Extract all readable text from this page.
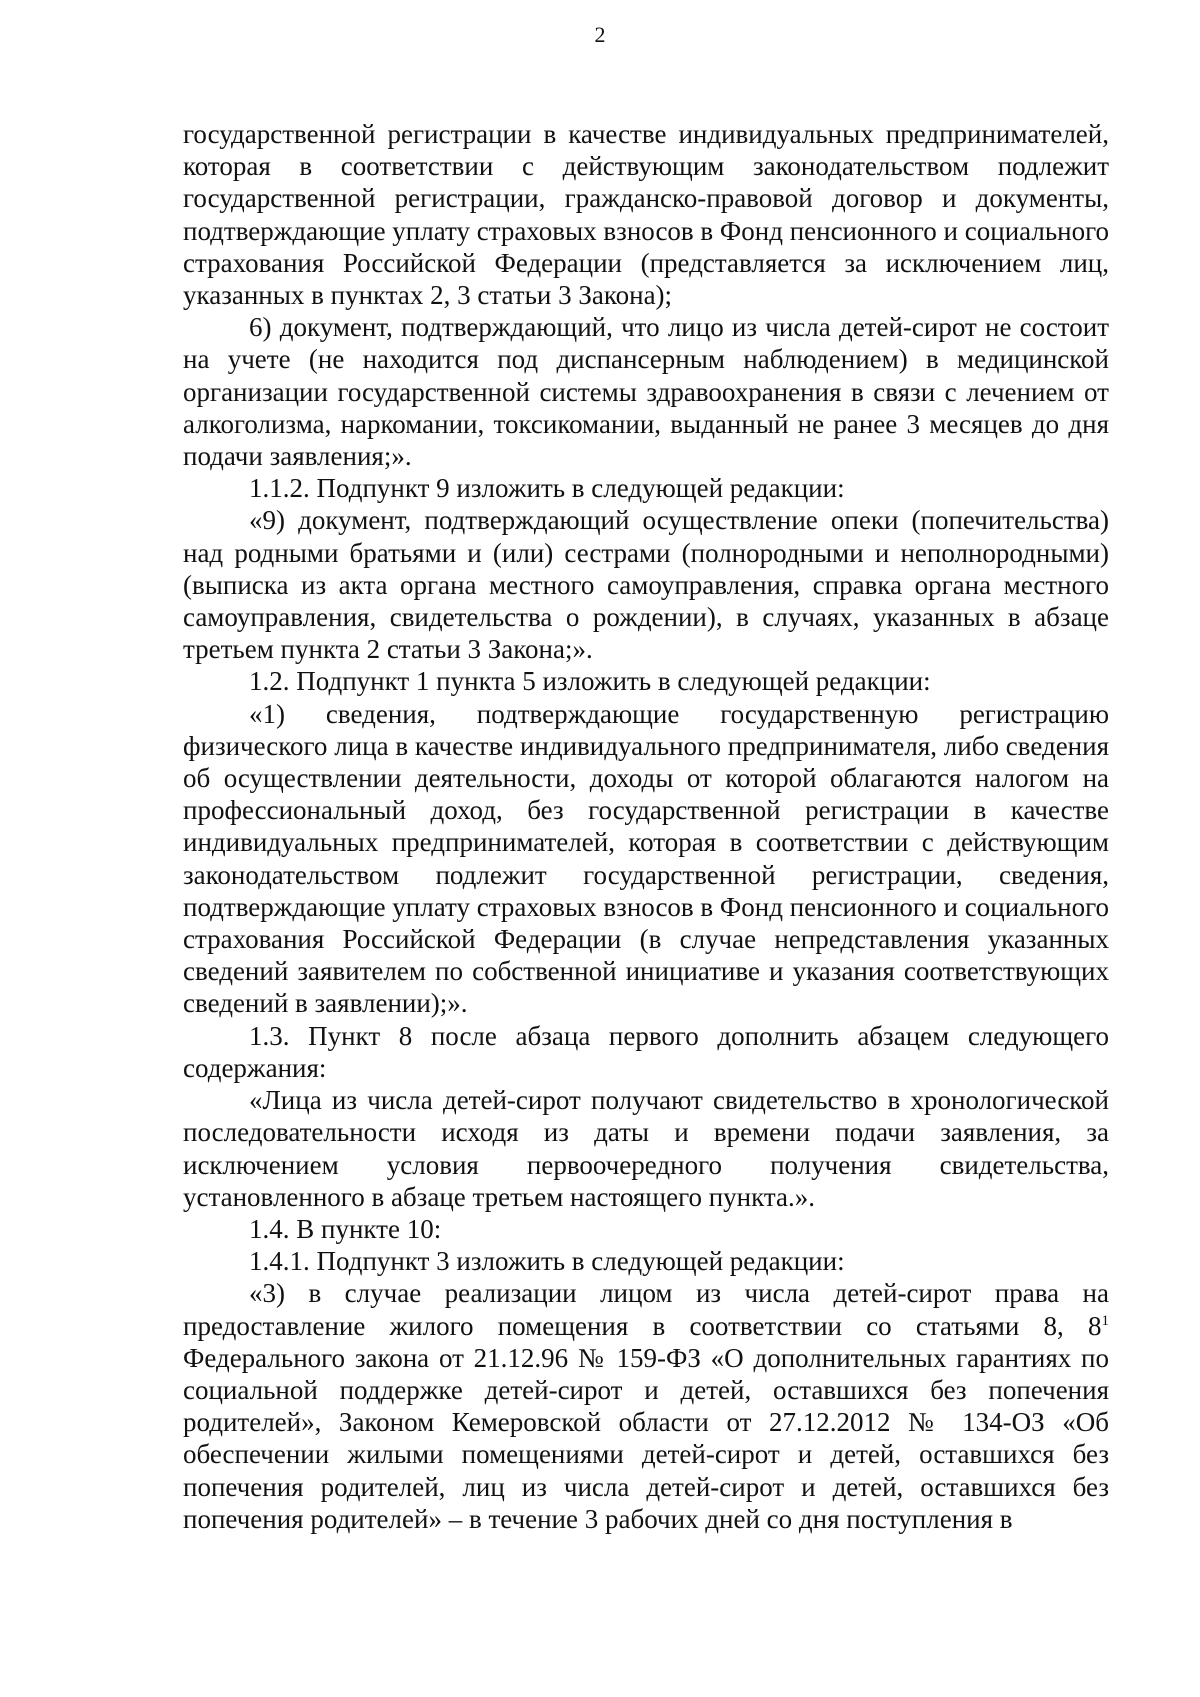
2

государственной регистрации в качестве индивидуальных предпринимателей, которая в соответствии с действующим законодательством подлежит государственной регистрации, гражданско-правовой договор и документы, подтверждающие уплату страховых взносов в Фонд пенсионного и социального страхования Российской Федерации (представляется за исключением лиц, указанных в пунктах 2, 3 статьи 3 Закона);

6) документ, подтверждающий, что лицо из числа детей-сирот не состоит на учете (не находится под диспансерным наблюдением) в медицинской организации государственной системы здравоохранения в связи с лечением от алкоголизма, наркомании, токсикомании, выданный не ранее 3 месяцев до дня подачи заявления;».

1.1.2. Подпункт 9 изложить в следующей редакции:

«9) документ, подтверждающий осуществление опеки (попечительства) над родными братьями и (или) сестрами (полнородными и неполнородными) (выписка из акта органа местного самоуправления, справка органа местного самоуправления, свидетельства о рождении), в случаях, указанных в абзаце третьем пункта 2 статьи 3 Закона;».

1.2. Подпункт 1 пункта 5 изложить в следующей редакции:

«1) сведения, подтверждающие государственную регистрацию физического лица в качестве индивидуального предпринимателя, либо сведения об осуществлении деятельности, доходы от которой облагаются налогом на профессиональный доход, без государственной регистрации в качестве индивидуальных предпринимателей, которая в соответствии с действующим законодательством подлежит государственной регистрации, сведения, подтверждающие уплату страховых взносов в Фонд пенсионного и социального страхования Российской Федерации (в случае непредставления указанных сведений заявителем по собственной инициативе и указания соответствующих сведений в заявлении);».

1.3. Пункт 8 после абзаца первого дополнить абзацем следующего содержания:

«Лица из числа детей-сирот получают свидетельство в хронологической последовательности исходя из даты и времени подачи заявления, за исключением условия первоочередного получения свидетельства, установленного в абзаце третьем настоящего пункта.».

1.4. В пункте 10:

1.4.1. Подпункт 3 изложить в следующей редакции:

«3) в случае реализации лицом из числа детей-сирот права на предоставление жилого помещения в соответствии со статьями 8, $8^1$ Федерального закона от 21.12.96 № 159-ФЗ «О дополнительных гарантиях по социальной поддержке детей-сирот и детей, оставшихся без попечения родителей», Законом Кемеровской области от 27.12.2012 № 134-ОЗ «Об обеспечении жилыми помещениями детей-сирот и детей, оставшихся без попечения родителей, лиц из числа детей-сирот и детей, оставшихся без попечения родителей» – в течение 3 рабочих дней со дня поступления в
